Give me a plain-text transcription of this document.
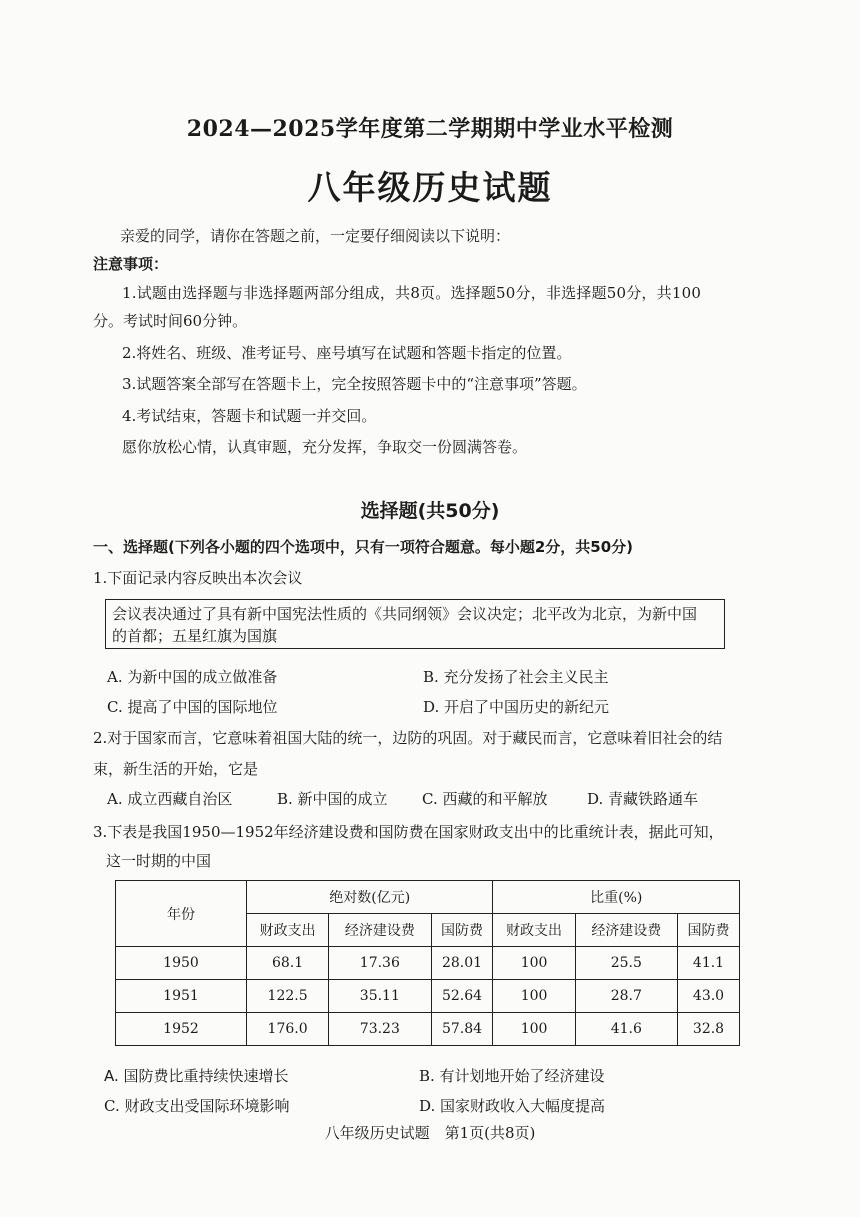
2024—2025学年度第二学期期中学业水平检测
八年级历史试题
亲爱的同学，请你在答题之前，一定要仔细阅读以下说明：
注意事项：
1.试题由选择题与非选择题两部分组成，共8页。选择题50分，非选择题50分，共100
分。考试时间60分钟。
2.将姓名、班级、准考证号、座号填写在试题和答题卡指定的位置。
3.试题答案全部写在答题卡上，完全按照答题卡中的“注意事项”答题。
4.考试结束，答题卡和试题一并交回。
愿你放松心情，认真审题，充分发挥，争取交一份圆满答卷。
选择题(共50分)
一、选择题(下列各小题的四个选项中，只有一项符合题意。每小题2分，共50分)
1.下面记录内容反映出本次会议
会议表决通过了具有新中国宪法性质的《共同纲领》会议决定；北平改为北京，为新中国
的首都；五星红旗为国旗
A. 为新中国的成立做准备	B. 充分发扬了社会主义民主
C. 提高了中国的国际地位	D. 开启了中国历史的新纪元
2.对于国家而言，它意味着祖国大陆的统一，边防的巩固。对于藏民而言，它意味着旧社会的结
束，新生活的开始，它是
A. 成立西藏自治区	B. 新中国的成立 C. 西藏的和平解放	D. 青藏铁路通车
3.下表是我国1950—1952年经济建设费和国防费在国家财政支出中的比重统计表，据此可知，
这一时期的中国
年份	绝对数(亿元)			比重(%)		
	财政支出	经济建设费	国防费	财政支出	经济建设费	国防费
1950	68.1	17.36	28.01	100	25.5	41.1
1951	122.5	35.11	52.64	100	28.7	43.0
1952	176.0	73.23	57.84	100	41.6	32.8
A. 国防费比重持续快速增长	B. 有计划地开始了经济建设
C. 财政支出受国际环境影响	D. 国家财政收入大幅度提高
八年级历史试题　第1页(共8页)
